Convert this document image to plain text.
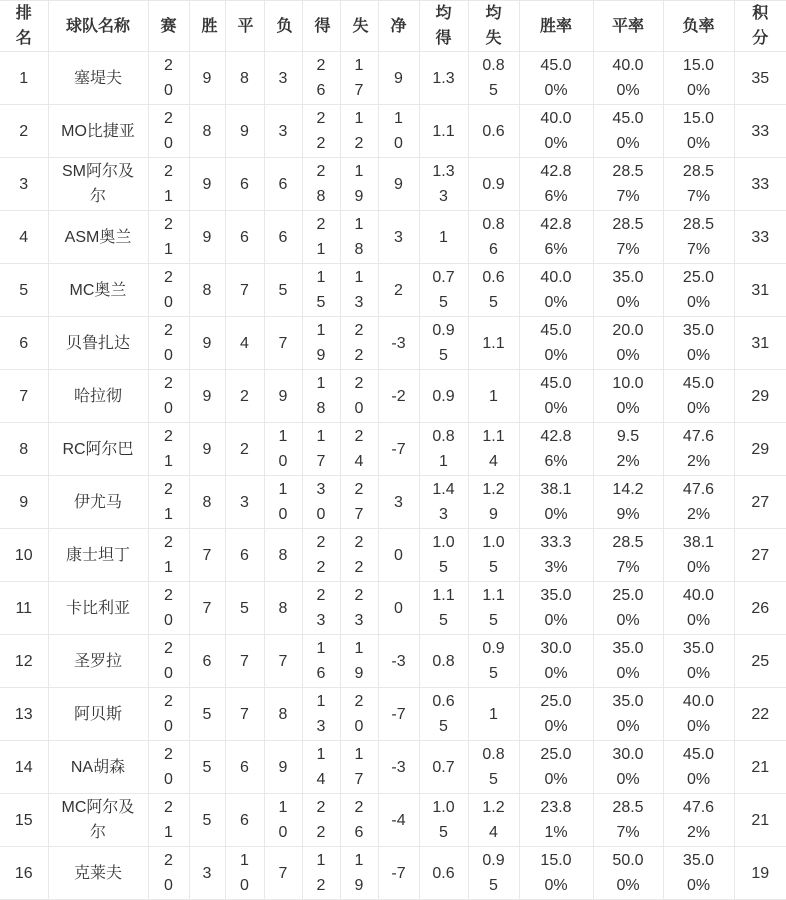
排名	球队名称	赛	胜	平	负	得	失	净	均得	均失	胜率	平率	负率	积分
1	塞堤夫	20	9	8	3	26	17	9	1.3	0.85	45.00%	40.00%	15.00%	35
2	MO比捷亚	20	8	9	3	22	12	10	1.1	0.6	40.00%	45.00%	15.00%	33
3	SM阿尔及尔	21	9	6	6	28	19	9	1.33	0.9	42.86%	28.57%	28.57%	33
4	ASM奥兰	21	9	6	6	21	18	3	1	0.86	42.86%	28.57%	28.57%	33
5	MC奥兰	20	8	7	5	15	13	2	0.75	0.65	40.00%	35.00%	25.00%	31
6	贝鲁扎达	20	9	4	7	19	22	-3	0.95	1.1	45.00%	20.00%	35.00%	31
7	哈拉彻	20	9	2	9	18	20	-2	0.9	1	45.00%	10.00%	45.00%	29
8	RC阿尔巴	21	9	2	10	17	24	-7	0.81	1.14	42.86%	9.52%	47.62%	29
9	伊尤马	21	8	3	10	30	27	3	1.43	1.29	38.10%	14.29%	47.62%	27
10	康士坦丁	21	7	6	8	22	22	0	1.05	1.05	33.33%	28.57%	38.10%	27
11	卡比利亚	20	7	5	8	23	23	0	1.15	1.15	35.00%	25.00%	40.00%	26
12	圣罗拉	20	6	7	7	16	19	-3	0.8	0.95	30.00%	35.00%	35.00%	25
13	阿贝斯	20	5	7	8	13	20	-7	0.65	1	25.00%	35.00%	40.00%	22
14	NA胡森	20	5	6	9	14	17	-3	0.7	0.85	25.00%	30.00%	45.00%	21
15	MC阿尔及尔	21	5	6	10	22	26	-4	1.05	1.24	23.81%	28.57%	47.62%	21
16	克莱夫	20	3	10	7	12	19	-7	0.6	0.95	15.00%	50.00%	35.00%	19
